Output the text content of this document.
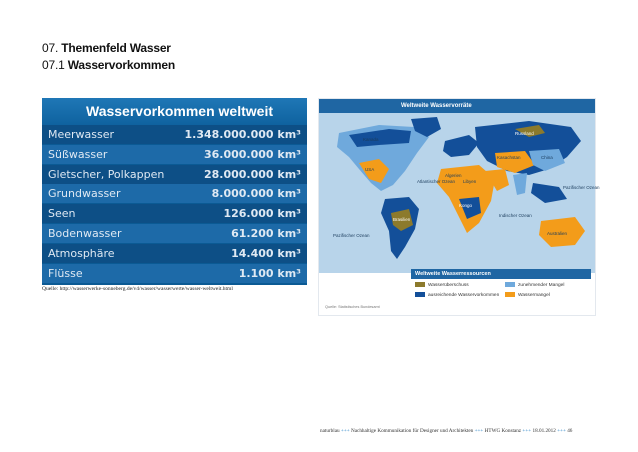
07. Themenfeld Wasser
07.1 Wasservorkommen
Wasservorkommen weltweit
Meerwasser	1.348.000.000 km³
Süßwasser	36.000.000 km³
Gletscher, Polkappen	28.000.000 km³
Grundwasser	8.000.000 km³
Seen	126.000 km³
Bodenwasser	61.200 km³
Atmosphäre	14.400 km³
Flüsse	1.100 km³
Quelle: http://wasserwerke-sonneberg.de/v4/wasser/wasserwerte/wasser-weltweit.html
Weltweite Wasservorräte
Kanada
USA
Russland
Kasachstan	China
Algerien
Libyen
Kongo
Brasilien
Australien
Atlantischer Ozean
Pazifischer Ozean
Pazifischer Ozean
Indischer Ozean
Weltweite Wasserressourcen
Wasserüberschuss	zunehmender Mangel
ausreichende Wasservorkommen	Wassermangel
Quelle: Statistisches Bundesamt
naturblau +++ Nachhaltige Kommunikation für Designer und Architekten +++ HTWG Konstanz +++ 18.01.2012 +++ 46
